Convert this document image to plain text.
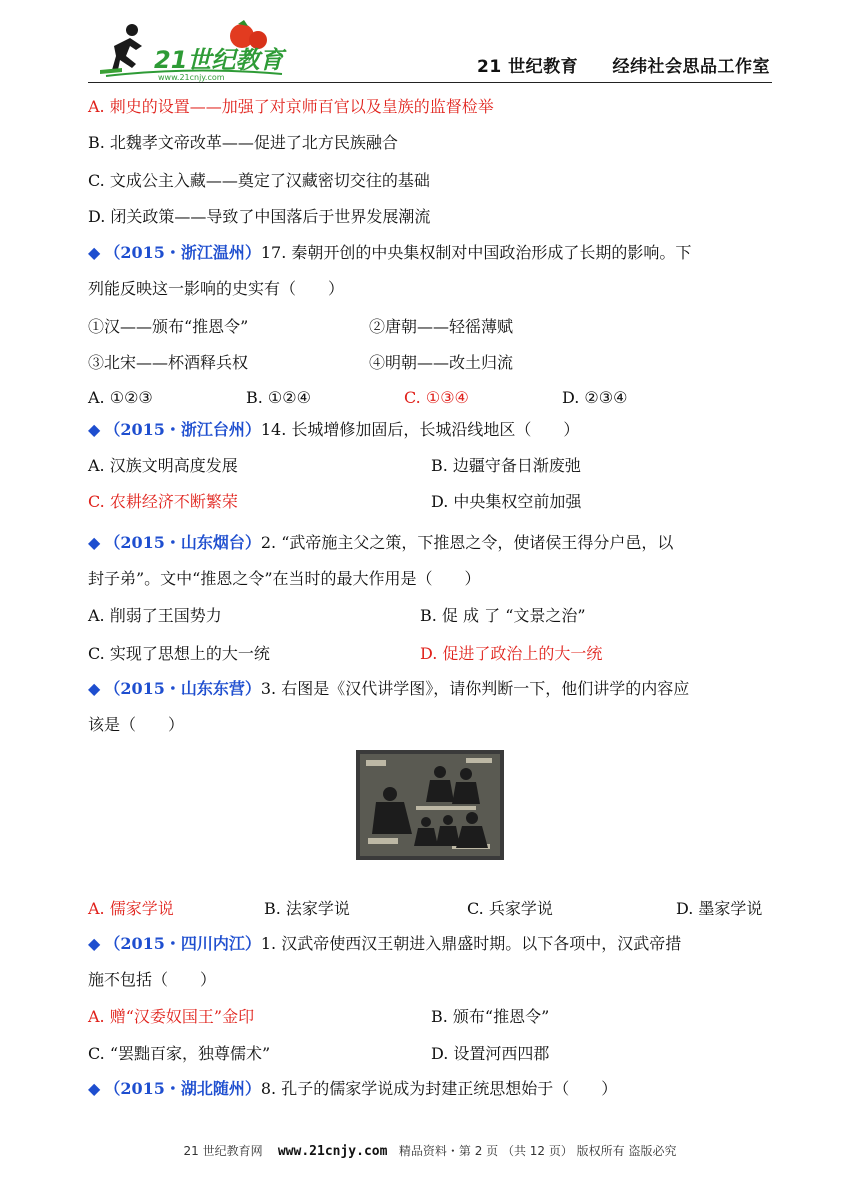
21世纪教育
www.21cnjy.com
21 世纪教育 经纬社会思品工作室
A. 刺史的设置——加强了对京师百官以及皇族的监督检举
B. 北魏孝文帝改革——促进了北方民族融合
C. 文成公主入藏——奠定了汉藏密切交往的基础
D. 闭关政策——导致了中国落后于世界发展潮流
◆ （2015・浙江温州）17. 秦朝开创的中央集权制对中国政治形成了长期的影响。下
列能反映这一影响的史实有（　　）
①汉——颁布“推恩令”	②唐朝——轻徭薄赋
③北宋——杯酒释兵权	④明朝——改土归流
A. ①②③	B. ①②④	C. ①③④	D. ②③④
◆ （2015・浙江台州）14. 长城增修加固后，长城沿线地区（　　）
A. 汉族文明高度发展	B. 边疆守备日渐废弛
C. 农耕经济不断繁荣	D. 中央集权空前加强
◆ （2015・山东烟台）2. “武帝施主父之策，下推恩之令，使诸侯王得分户邑，以
封子弟”。文中“推恩之令”在当时的最大作用是（　　）
A. 削弱了王国势力	B. 促 成 了 “文景之治”
C. 实现了思想上的大一统	D. 促进了政治上的大一统
◆ （2015・山东东营）3. 右图是《汉代讲学图》，请你判断一下，他们讲学的内容应
该是（　　）
A. 儒家学说	B. 法家学说	C. 兵家学说	D. 墨家学说
◆ （2015・四川内江）1. 汉武帝使西汉王朝进入鼎盛时期。以下各项中，汉武帝措
施不包括（　　）
A. 赠“汉委奴国王”金印	B. 颁布“推恩令”
C. “罢黜百家，独尊儒术”	D. 设置河西四郡
◆ （2015・湖北随州）8. 孔子的儒家学说成为封建正统思想始于（　　）
21 世纪教育网 www.21cnjy.com 精品资料・第 2 页 （共 12 页） 版权所有 盗版必究
